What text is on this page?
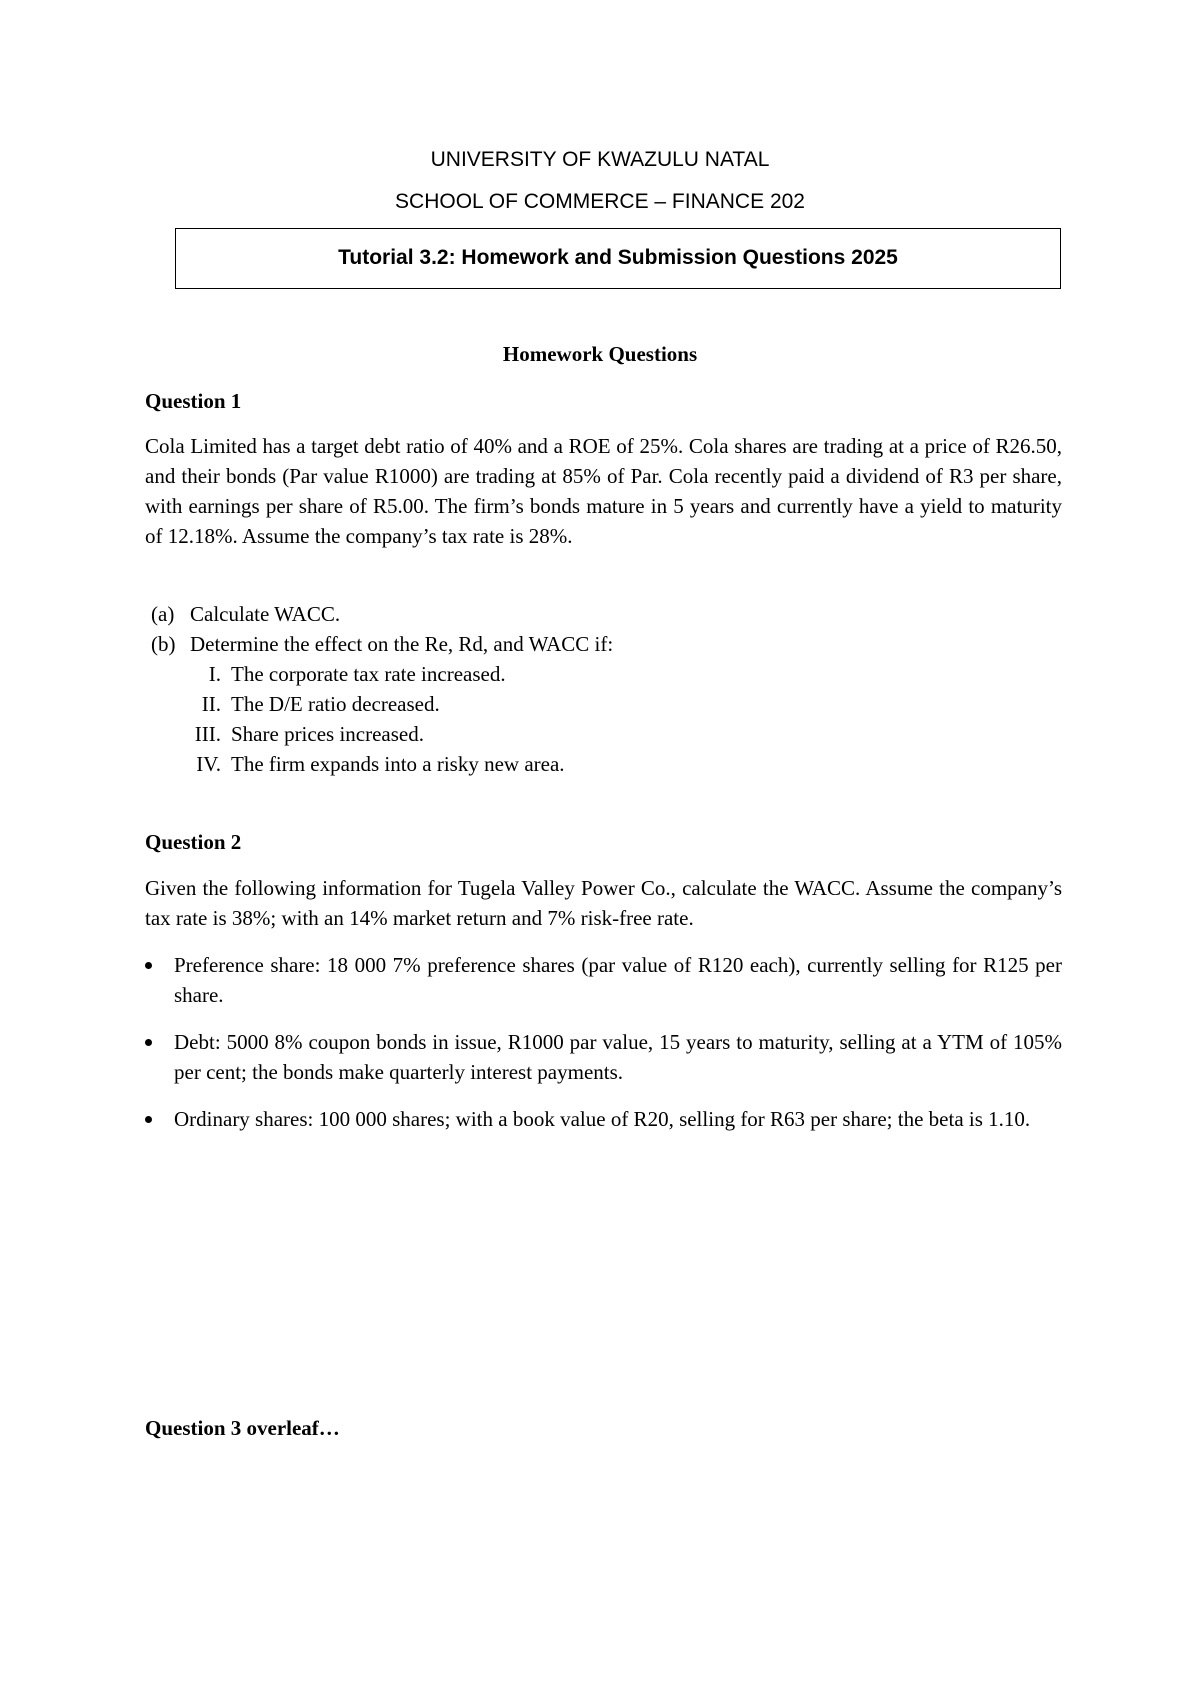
UNIVERSITY OF KWAZULU NATAL
SCHOOL OF COMMERCE – FINANCE 202
Tutorial 3.2: Homework and Submission Questions 2025
Homework Questions
Question 1
Cola Limited has a target debt ratio of 40% and a ROE of 25%. Cola shares are trading at a price of R26.50, and their bonds (Par value R1000) are trading at 85% of Par. Cola recently paid a dividend of R3 per share, with earnings per share of R5.00. The firm’s bonds mature in 5 years and currently have a yield to maturity of 12.18%. Assume the company’s tax rate is 28%.
(a) Calculate WACC.
(b) Determine the effect on the Re, Rd, and WACC if:
I. The corporate tax rate increased.
II. The D/E ratio decreased.
III. Share prices increased.
IV. The firm expands into a risky new area.
Question 2
Given the following information for Tugela Valley Power Co., calculate the WACC. Assume the company’s tax rate is 38%; with an 14% market return and 7% risk-free rate.
Preference share: 18 000 7% preference shares (par value of R120 each), currently selling for R125 per share.
Debt: 5000 8% coupon bonds in issue, R1000 par value, 15 years to maturity, selling at a YTM of 105% per cent; the bonds make quarterly interest payments.
Ordinary shares: 100 000 shares; with a book value of R20, selling for R63 per share; the beta is 1.10.
Question 3 overleaf…
